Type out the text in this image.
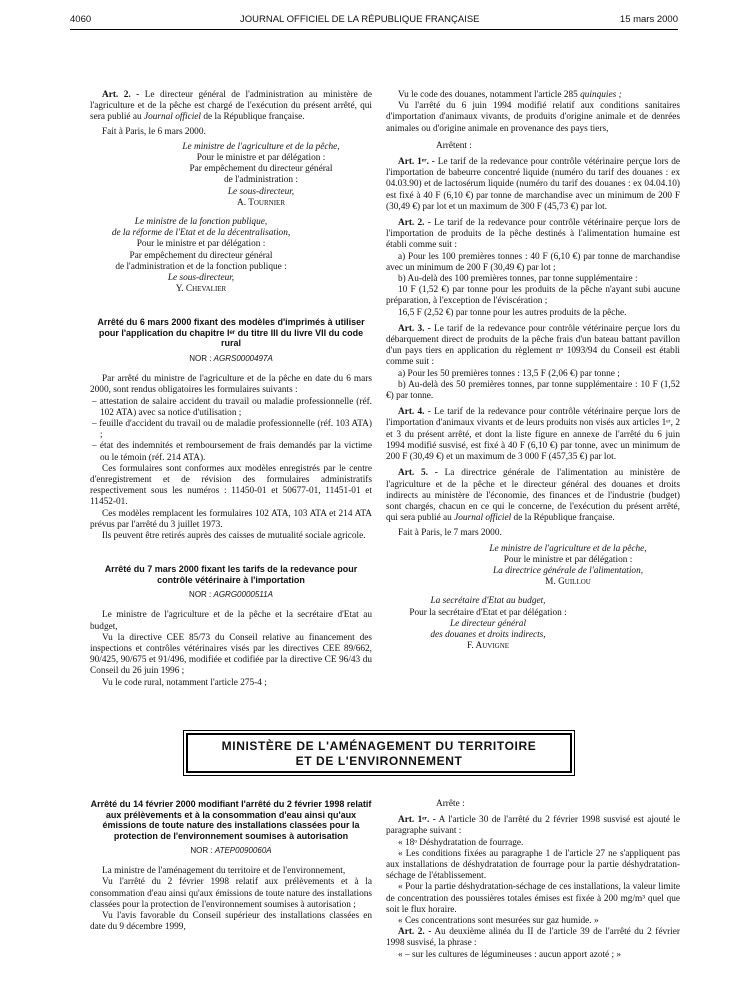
4060	JOURNAL OFFICIEL DE LA RÉPUBLIQUE FRANÇAISE	15 mars 2000

Art. 2. - Le directeur général de l'administration au ministère de l'agriculture et de la pêche est chargé de l'exécution du présent arrêté, qui sera publié au Journal officiel de la République française.

Fait à Paris, le 6 mars 2000.

Le ministre de l'agriculture et de la pêche,

Pour le ministre et par délégation :

Par empêchement du directeur général

de l'administration :

Le sous-directeur,

A. Tournier

Le ministre de la fonction publique,

de la réforme de l'Etat et de la décentralisation,

Pour le ministre et par délégation :

Par empêchement du directeur général

de l'administration et de la fonction publique :

Le sous-directeur,

Y. Chevalier

Arrêté du 6 mars 2000 fixant des modèles d'imprimés à utiliser pour l'application du chapitre Iᵉʳ du titre III du livre VII du code rural

NOR : AGRS0000497A

Par arrêté du ministre de l'agriculture et de la pêche en date du 6 mars 2000, sont rendus obligatoires les formulaires suivants :

– attestation de salaire accident du travail ou maladie professionnelle (réf. 102 ATA) avec sa notice d'utilisation ;

– feuille d'accident du travail ou de maladie professionnelle (réf. 103 ATA) ;

– état des indemnités et remboursement de frais demandés par la victime ou le témoin (réf. 214 ATA).

Ces formulaires sont conformes aux modèles enregistrés par le centre d'enregistrement et de révision des formulaires administratifs respectivement sous les numéros : 11450-01 et 50677-01, 11451-01 et 11452-01.

Ces modèles remplacent les formulaires 102 ATA, 103 ATA et 214 ATA prévus par l'arrêté du 3 juillet 1973.

Ils peuvent être retirés auprès des caisses de mutualité sociale agricole.

Arrêté du 7 mars 2000 fixant les tarifs de la redevance pour contrôle vétérinaire à l'importation

NOR : AGRG0000511A

Le ministre de l'agriculture et de la pêche et la secrétaire d'Etat au budget,

Vu la directive CEE 85/73 du Conseil relative au financement des inspections et contrôles vétérinaires visés par les directives CEE 89/662, 90/425, 90/675 et 91/496, modifiée et codifiée par la directive CE 96/43 du Conseil du 26 juin 1996 ;

Vu le code rural, notamment l'article 275-4 ;

Vu le code des douanes, notamment l'article 285 quinquies ;

Vu l'arrêté du 6 juin 1994 modifié relatif aux conditions sanitaires d'importation d'animaux vivants, de produits d'origine animale et de denrées animales ou d'origine animale en provenance des pays tiers,

Arrêtent :

Art. 1ᵉʳ. - Le tarif de la redevance pour contrôle vétérinaire perçue lors de l'importation de babeurre concentré liquide (numéro du tarif des douanes : ex 04.03.90) et de lactosérum liquide (numéro du tarif des douanes : ex 04.04.10) est fixé à 40 F (6,10 €) par tonne de marchandise avec un minimum de 200 F (30,49 €) par lot et un maximum de 300 F (45,73 €) par lot.

Art. 2. - Le tarif de la redevance pour contrôle vétérinaire perçue lors de l'importation de produits de la pêche destinés à l'alimentation humaine est établi comme suit :

a) Pour les 100 premières tonnes : 40 F (6,10 €) par tonne de marchandise avec un minimum de 200 F (30,49 €) par lot ;

b) Au-delà des 100 premières tonnes, par tonne supplémentaire :

10 F (1,52 €) par tonne pour les produits de la pêche n'ayant subi aucune préparation, à l'exception de l'éviscération ;

16,5 F (2,52 €) par tonne pour les autres produits de la pêche.

Art. 3. - Le tarif de la redevance pour contrôle vétérinaire perçue lors du débarquement direct de produits de la pêche frais d'un bateau battant pavillon d'un pays tiers en application du règlement nᵒ 1093/94 du Conseil est établi comme suit :

a) Pour les 50 premières tonnes : 13,5 F (2,06 €) par tonne ;

b) Au-delà des 50 premières tonnes, par tonne supplémentaire : 10 F (1,52 €) par tonne.

Art. 4. - Le tarif de la redevance pour contrôle vétérinaire perçue lors de l'importation d'animaux vivants et de leurs produits non visés aux articles 1ᵉʳ, 2 et 3 du présent arrêté, et dont la liste figure en annexe de l'arrêté du 6 juin 1994 modifié susvisé, est fixé à 40 F (6,10 €) par tonne, avec un minimum de 200 F (30,49 €) et un maximum de 3 000 F (457,35 €) par lot.

Art. 5. - La directrice générale de l'alimentation au ministère de l'agriculture et de la pêche et le directeur général des douanes et droits indirects au ministère de l'économie, des finances et de l'industrie (budget) sont chargés, chacun en ce qui le concerne, de l'exécution du présent arrêté, qui sera publié au Journal officiel de la République française.

Fait à Paris, le 7 mars 2000.

Le ministre de l'agriculture et de la pêche,

Pour le ministre et par délégation :

La directrice générale de l'alimentation,

M. Guillou

La secrétaire d'Etat au budget,

Pour la secrétaire d'Etat et par délégation :

Le directeur général

des douanes et droits indirects,

F. Auvigne

MINISTÈRE DE L'AMÉNAGEMENT DU TERRITOIRE
ET DE L'ENVIRONNEMENT

Arrêté du 14 février 2000 modifiant l'arrêté du 2 février 1998 relatif aux prélèvements et à la consommation d'eau ainsi qu'aux émissions de toute nature des installations classées pour la protection de l'environnement soumises à autorisation

NOR : ATEP0090060A

La ministre de l'aménagement du territoire et de l'environnement,

Vu l'arrêté du 2 février 1998 relatif aux prélèvements et à la consommation d'eau ainsi qu'aux émissions de toute nature des installations classées pour la protection de l'environnement soumises à autorisation ;

Vu l'avis favorable du Conseil supérieur des installations classées en date du 9 décembre 1999,

Arrête :

Art. 1ᵉʳ. - A l'article 30 de l'arrêté du 2 février 1998 susvisé est ajouté le paragraphe suivant :

« 18ᵒ Déshydratation de fourrage.

« Les conditions fixées au paragraphe 1 de l'article 27 ne s'appliquent pas aux installations de déshydratation de fourrage pour la partie déshydratation-séchage de l'établissement.

« Pour la partie déshydratation-séchage de ces installations, la valeur limite de concentration des poussières totales émises est fixée à 200 mg/m³ quel que soit le flux horaire.

« Ces concentrations sont mesurées sur gaz humide. »

Art. 2. - Au deuxième alinéa du II de l'article 39 de l'arrêté du 2 février 1998 susvisé, la phrase :

« – sur les cultures de légumineuses : aucun apport azoté ; »
